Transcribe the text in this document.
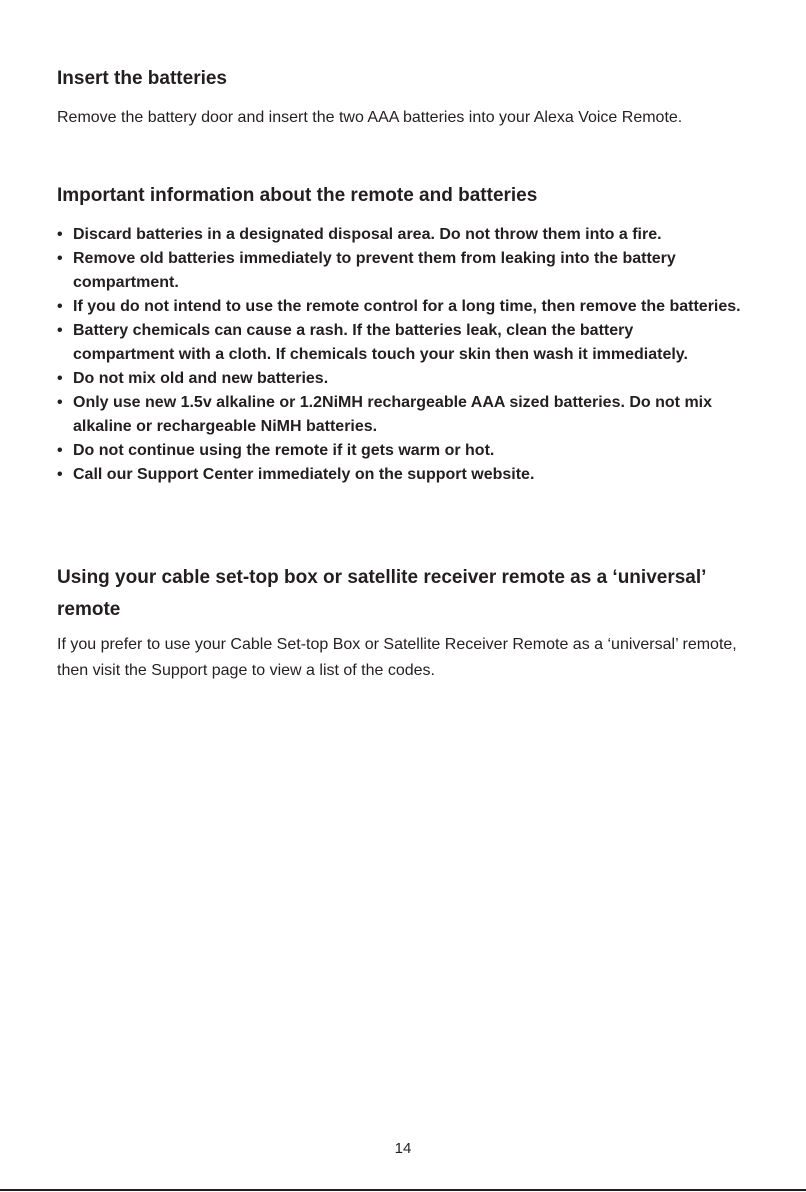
Insert the batteries

Remove the battery door and insert the two AAA batteries into your Alexa Voice Remote.

Important information about the remote and batteries
• Discard batteries in a designated disposal area. Do not throw them into a fire.
• Remove old batteries immediately to prevent them from leaking into the battery compartment.
• If you do not intend to use the remote control for a long time, then remove the batteries.
• Battery chemicals can cause a rash. If the batteries leak, clean the battery compartment with a cloth. If chemicals touch your skin then wash it immediately.
• Do not mix old and new batteries.
• Only use new 1.5v alkaline or 1.2NiMH rechargeable AAA sized batteries. Do not mix alkaline or rechargeable NiMH batteries.
• Do not continue using the remote if it gets warm or hot.
• Call our Support Center immediately on the support website.
Using your cable set-top box or satellite receiver remote as a ‘universal’ remote

If you prefer to use your Cable Set-top Box or Satellite Receiver Remote as a ‘universal’ remote, then visit the Support page to view a list of the codes.

14
